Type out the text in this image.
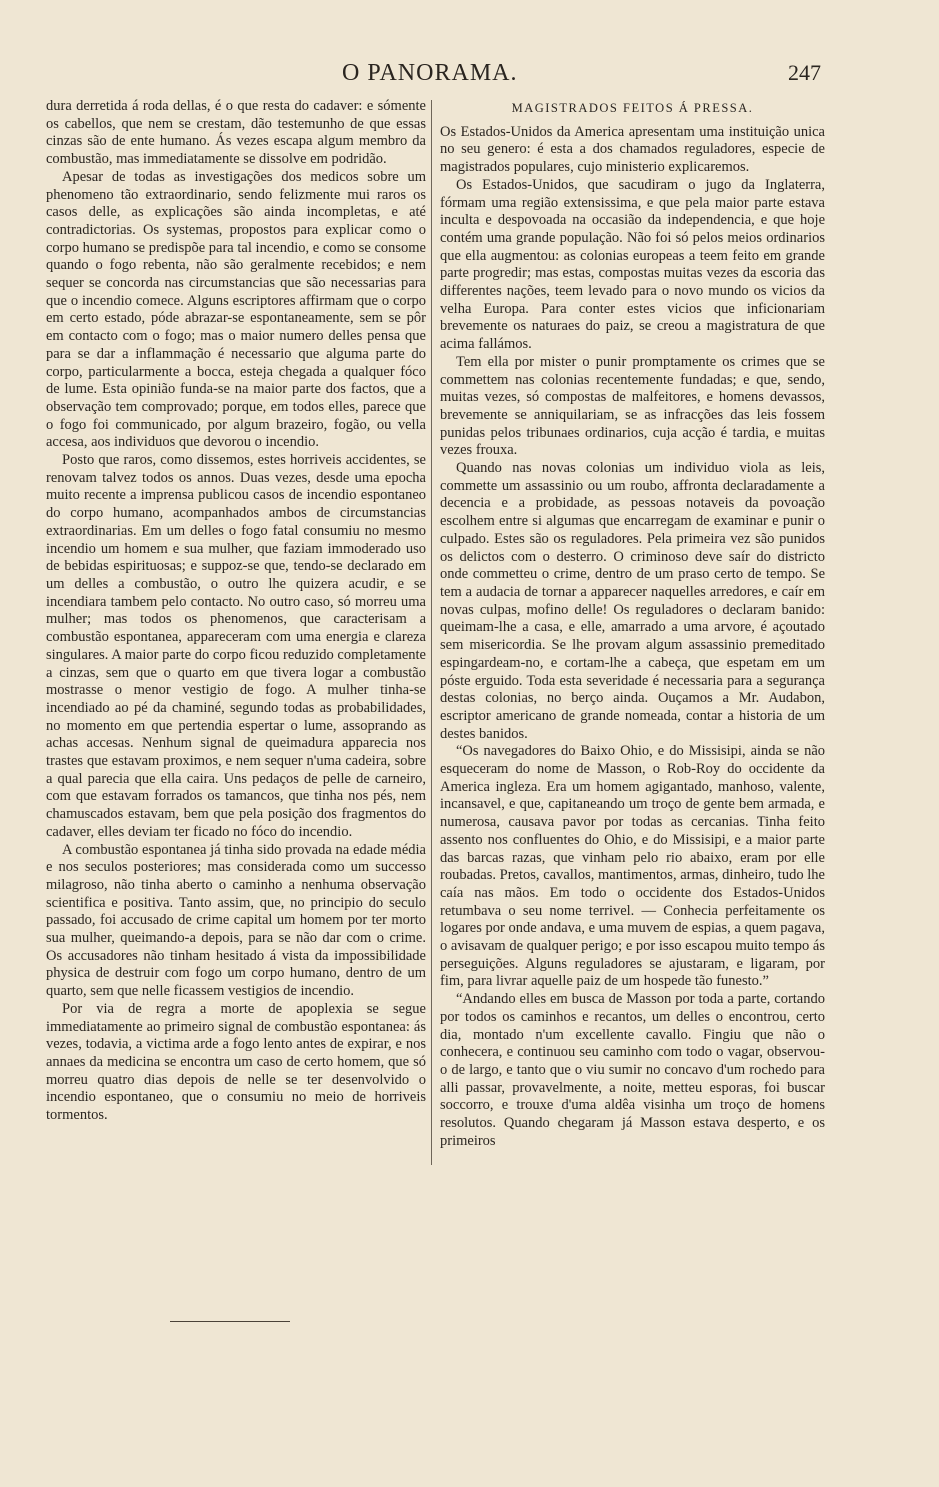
O PANORAMA.	247

dura derretida á roda dellas, é o que resta do cadaver: e sómente os cabellos, que nem se crestam, dão testemunho de que essas cinzas são de ente humano. Ás vezes escapa algum membro da combustão, mas immediatamente se dissolve em podridão.

Apesar de todas as investigações dos medicos sobre um phenomeno tão extraordinario, sendo felizmente mui raros os casos delle, as explicações são ainda incompletas, e até contradictorias. Os systemas, propostos para explicar como o corpo humano se predispõe para tal incendio, e como se consome quando o fogo rebenta, não são geralmente recebidos; e nem sequer se concorda nas circumstancias que são necessarias para que o incendio comece. Alguns escriptores affirmam que o corpo em certo estado, póde abrazar-se espontaneamente, sem se pôr em contacto com o fogo; mas o maior numero delles pensa que para se dar a inflammação é necessario que alguma parte do corpo, particularmente a bocca, esteja chegada a qualquer fóco de lume. Esta opinião funda-se na maior parte dos factos, que a observação tem comprovado; porque, em todos elles, parece que o fogo foi communicado, por algum brazeiro, fogão, ou vella accesa, aos individuos que devorou o incendio.

Posto que raros, como dissemos, estes horriveis accidentes, se renovam talvez todos os annos. Duas vezes, desde uma epocha muito recente a imprensa publicou casos de incendio espontaneo do corpo humano, acompanhados ambos de circumstancias extraordinarias. Em um delles o fogo fatal consumiu no mesmo incendio um homem e sua mulher, que faziam immoderado uso de bebidas espirituosas; e suppoz-se que, tendo-se declarado em um delles a combustão, o outro lhe quizera acudir, e se incendiara tambem pelo contacto. No outro caso, só morreu uma mulher; mas todos os phenomenos, que caracterisam a combustão espontanea, appareceram com uma energia e clareza singulares. A maior parte do corpo ficou reduzido completamente a cinzas, sem que o quarto em que tivera logar a combustão mostrasse o menor vestigio de fogo. A mulher tinha-se incendiado ao pé da chaminé, segundo todas as probabilidades, no momento em que pertendia espertar o lume, assoprando as achas accesas. Nenhum signal de queimadura apparecia nos trastes que estavam proximos, e nem sequer n'uma cadeira, sobre a qual parecia que ella caira. Uns pedaços de pelle de carneiro, com que estavam forrados os tamancos, que tinha nos pés, nem chamuscados estavam, bem que pela posição dos fragmentos do cadaver, elles deviam ter ficado no fóco do incendio.

A combustão espontanea já tinha sido provada na edade média e nos seculos posteriores; mas considerada como um successo milagroso, não tinha aberto o caminho a nenhuma observação scientifica e positiva. Tanto assim, que, no principio do seculo passado, foi accusado de crime capital um homem por ter morto sua mulher, queimando-a depois, para se não dar com o crime. Os accusadores não tinham hesitado á vista da impossibilidade physica de destruir com fogo um corpo humano, dentro de um quarto, sem que nelle ficassem vestigios de incendio.

Por via de regra a morte de apoplexia se segue immediatamente ao primeiro signal de combustão espontanea: ás vezes, todavia, a victima arde a fogo lento antes de expirar, e nos annaes da medicina se encontra um caso de certo homem, que só morreu quatro dias depois de nelle se ter desenvolvido o incendio espontaneo, que o consumiu no meio de horriveis tormentos.

MAGISTRADOS FEITOS Á PRESSA.

Os Estados-Unidos da America apresentam uma instituição unica no seu genero: é esta a dos chamados reguladores, especie de magistrados populares, cujo ministerio explicaremos.

Os Estados-Unidos, que sacudiram o jugo da Inglaterra, fórmam uma região extensissima, e que pela maior parte estava inculta e despovoada na occasião da independencia, e que hoje contém uma grande população. Não foi só pelos meios ordinarios que ella augmentou: as colonias europeas a teem feito em grande parte progredir; mas estas, compostas muitas vezes da escoria das differentes nações, teem levado para o novo mundo os vicios da velha Europa. Para conter estes vicios que inficionariam brevemente os naturaes do paiz, se creou a magistratura de que acima fallámos.

Tem ella por mister o punir promptamente os crimes que se commettem nas colonias recentemente fundadas; e que, sendo, muitas vezes, só compostas de malfeitores, e homens devassos, brevemente se anniquilariam, se as infracções das leis fossem punidas pelos tribunaes ordinarios, cuja acção é tardia, e muitas vezes frouxa.

Quando nas novas colonias um individuo viola as leis, commette um assassinio ou um roubo, affronta declaradamente a decencia e a probidade, as pessoas notaveis da povoação escolhem entre si algumas que encarregam de examinar e punir o culpado. Estes são os reguladores. Pela primeira vez são punidos os delictos com o desterro. O criminoso deve saír do districto onde commetteu o crime, dentro de um praso certo de tempo. Se tem a audacia de tornar a apparecer naquelles arredores, e caír em novas culpas, mofino delle! Os reguladores o declaram banido: queimam-lhe a casa, e elle, amarrado a uma arvore, é açoutado sem misericordia. Se lhe provam algum assassinio premeditado espingardeam-no, e cortam-lhe a cabeça, que espetam em um póste erguido. Toda esta severidade é necessaria para a segurança destas colonias, no berço ainda. Ouçamos a Mr. Audabon, escriptor americano de grande nomeada, contar a historia de um destes banidos.

“Os navegadores do Baixo Ohio, e do Missisipi, ainda se não esqueceram do nome de Masson, o Rob-Roy do occidente da America ingleza. Era um homem agigantado, manhoso, valente, incansavel, e que, capitaneando um troço de gente bem armada, e numerosa, causava pavor por todas as cercanias. Tinha feito assento nos confluentes do Ohio, e do Missisipi, e a maior parte das barcas razas, que vinham pelo rio abaixo, eram por elle roubadas. Pretos, cavallos, mantimentos, armas, dinheiro, tudo lhe caía nas mãos. Em todo o occidente dos Estados-Unidos retumbava o seu nome terrivel. — Conhecia perfeitamente os logares por onde andava, e uma muvem de espias, a quem pagava, o avisavam de qualquer perigo; e por isso escapou muito tempo ás perseguições. Alguns reguladores se ajustaram, e ligaram, por fim, para livrar aquelle paiz de um hospede tão funesto.”

“Andando elles em busca de Masson por toda a parte, cortando por todos os caminhos e recantos, um delles o encontrou, certo dia, montado n'um excellente cavallo. Fingiu que não o conhecera, e continuou seu caminho com todo o vagar, observou-o de largo, e tanto que o viu sumir no concavo d'um rochedo para alli passar, provavelmente, a noite, metteu esporas, foi buscar soccorro, e trouxe d'uma aldêa visinha um troço de homens resolutos. Quando chegaram já Masson estava desperto, e os primeiros
